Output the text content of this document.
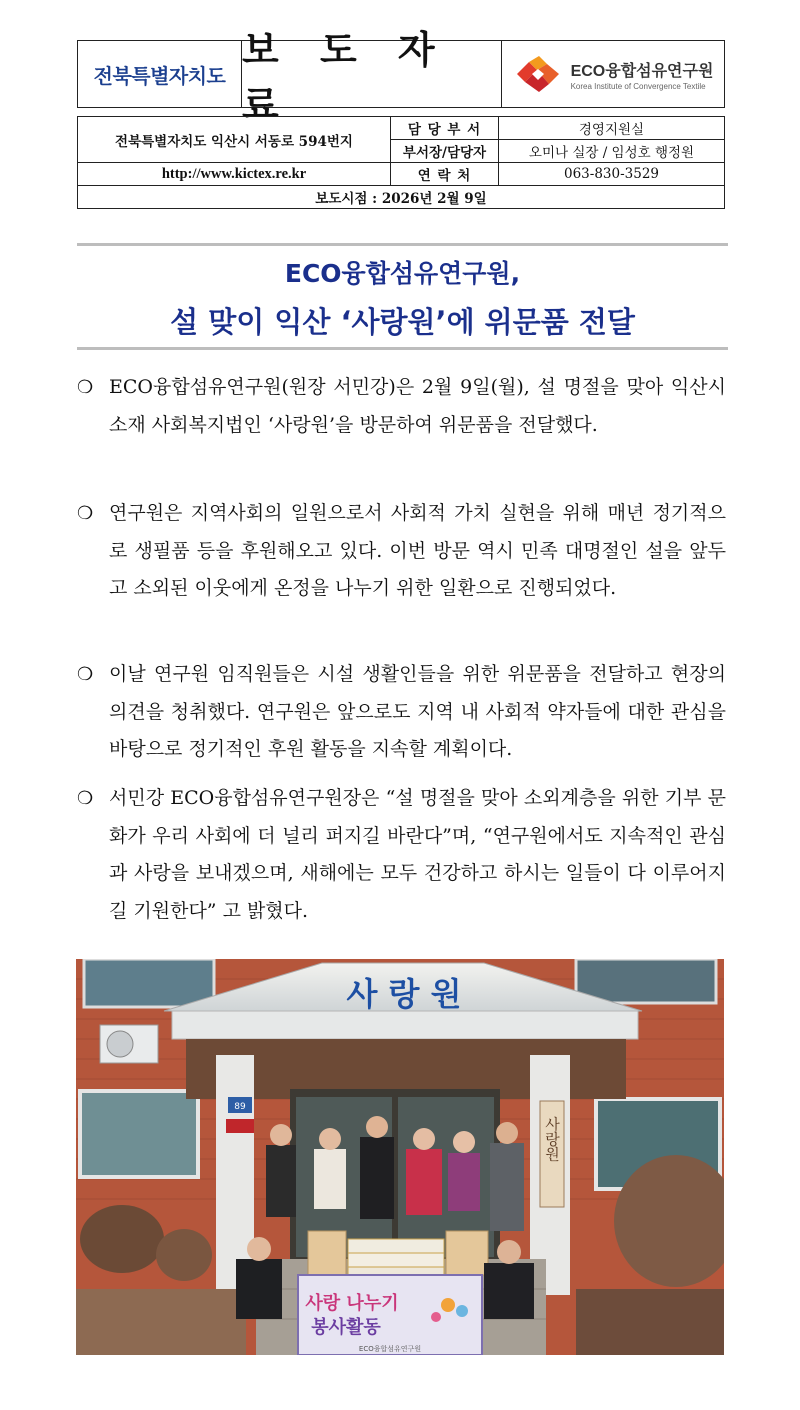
전북특별자치도
보 도 자 료
ECO융합섬유연구원
Korea Institute of Convergence Textile
전북특별자치도 익산시 서동로 594번지	담 당 부 서	경영지원실
	부서장/담당자	오미나 실장 / 임성호 행정원
http://www.kictex.re.kr	연 락 처	063-830-3529
보도시점 : 2026년 2월 9일		
ECO융합섬유연구원,
설 맞이 익산 ‘사랑원’에 위문품 전달
❍ ECO융합섬유연구원(원장 서민강)은 2월 9일(월), 설 명절을 맞아 익산시 소재 사회복지법인 ‘사랑원’을 방문하여 위문품을 전달했다.

❍ 연구원은 지역사회의 일원으로서 사회적 가치 실현을 위해 매년 정기적으로 생필품 등을 후원해오고 있다. 이번 방문 역시 민족 대명절인 설을 앞두고 소외된 이웃에게 온정을 나누기 위한 일환으로 진행되었다.

❍ 이날 연구원 임직원들은 시설 생활인들을 위한 위문품을 전달하고 현장의 의견을 청취했다. 연구원은 앞으로도 지역 내 사회적 약자들에 대한 관심을 바탕으로 정기적인 후원 활동을 지속할 계획이다.

❍ 서민강 ECO융합섬유연구원장은 “설 명절을 맞아 소외계층을 위한 기부 문화가 우리 사회에 더 널리 퍼지길 바란다”며, “연구원에서도 지속적인 관심과 사랑을 보내겠으며, 새해에는 모두 건강하고 하시는 일들이 다 이루어지길 기원한다” 고 밝혔다.

사 랑 원
89
사랑원
사랑 나누기
봉사활동
ECO융합섬유연구원
